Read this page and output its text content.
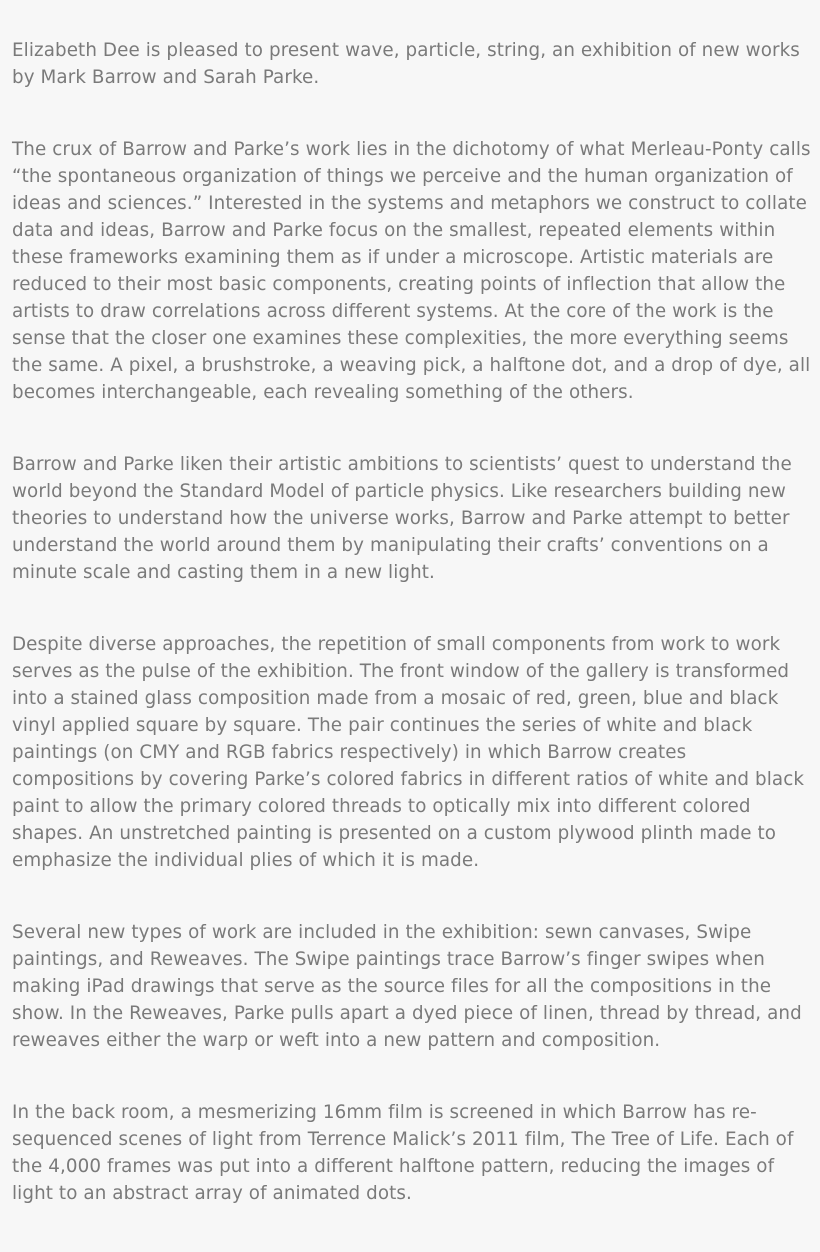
Elizabeth Dee is pleased to present wave, particle, string, an exhibition of new works by Mark Barrow and Sarah Parke.

The crux of Barrow and Parke’s work lies in the dichotomy of what Merleau-Ponty calls “the spontaneous organization of things we perceive and the human organization of ideas and sciences.” Interested in the systems and metaphors we construct to collate data and ideas, Barrow and Parke focus on the smallest, repeated elements within these frameworks examining them as if under a microscope. Artistic materials are reduced to their most basic components, creating points of inflection that allow the artists to draw correlations across different systems. At the core of the work is the sense that the closer one examines these complexities, the more everything seems the same. A pixel, a brushstroke, a weaving pick, a halftone dot, and a drop of dye, all becomes interchangeable, each revealing something of the others.

Barrow and Parke liken their artistic ambitions to scientists’ quest to understand the world beyond the Standard Model of particle physics. Like researchers building new theories to understand how the universe works, Barrow and Parke attempt to better understand the world around them by manipulating their crafts’ conventions on a minute scale and casting them in a new light.

Despite diverse approaches, the repetition of small components from work to work serves as the pulse of the exhibition. The front window of the gallery is transformed into a stained glass composition made from a mosaic of red, green, blue and black vinyl applied square by square. The pair continues the series of white and black paintings (on CMY and RGB fabrics respectively) in which Barrow creates compositions by covering Parke’s colored fabrics in different ratios of white and black paint to allow the primary colored threads to optically mix into different colored shapes. An unstretched painting is presented on a custom plywood plinth made to emphasize the individual plies of which it is made.

Several new types of work are included in the exhibition: sewn canvases, Swipe paintings, and Reweaves. The Swipe paintings trace Barrow’s finger swipes when making iPad drawings that serve as the source files for all the compositions in the show. In the Reweaves, Parke pulls apart a dyed piece of linen, thread by thread, and reweaves either the warp or weft into a new pattern and composition.

In the back room, a mesmerizing 16mm film is screened in which Barrow has re-sequenced scenes of light from Terrence Malick’s 2011 film, The Tree of Life. Each of the 4,000 frames was put into a different halftone pattern, reducing the images of light to an abstract array of animated dots.
